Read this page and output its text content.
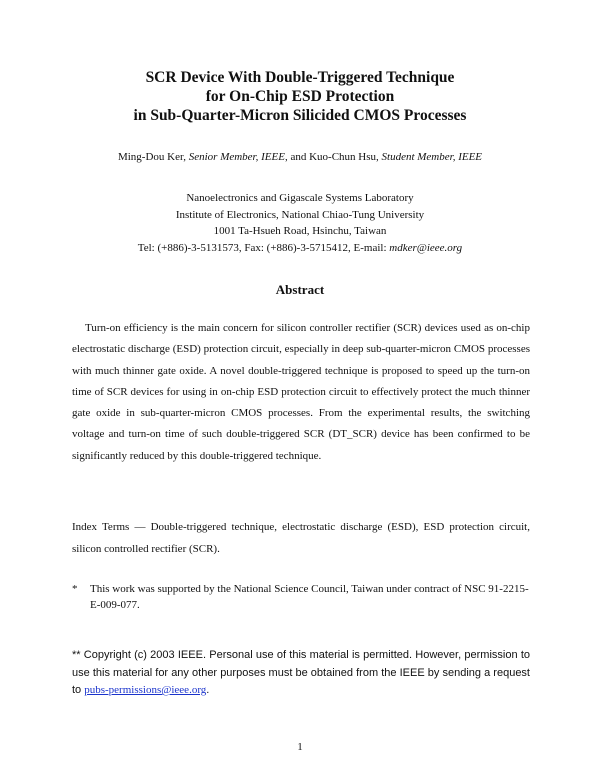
SCR Device With Double-Triggered Technique
for On-Chip ESD Protection
in Sub-Quarter-Micron Silicided CMOS Processes
Ming-Dou Ker, Senior Member, IEEE, and Kuo-Chun Hsu, Student Member, IEEE
Nanoelectronics and Gigascale Systems Laboratory
Institute of Electronics, National Chiao-Tung University
1001 Ta-Hsueh Road, Hsinchu, Taiwan
Tel: (+886)-3-5131573, Fax: (+886)-3-5715412, E-mail: mdker@ieee.org
Abstract

Turn-on efficiency is the main concern for silicon controller rectifier (SCR) devices used as on-chip electrostatic discharge (ESD) protection circuit, especially in deep sub-quarter-micron CMOS processes with much thinner gate oxide. A novel double-triggered technique is proposed to speed up the turn-on time of SCR devices for using in on-chip ESD protection circuit to effectively protect the much thinner gate oxide in sub-quarter-micron CMOS processes. From the experimental results, the switching voltage and turn-on time of such double-triggered SCR (DT_SCR) device has been confirmed to be significantly reduced by this double-triggered technique.

Index Terms — Double-triggered technique, electrostatic discharge (ESD), ESD protection circuit, silicon controlled rectifier (SCR).

* This work was supported by the National Science Council, Taiwan under contract of NSC 91-2215-E-009-077.

** Copyright (c) 2003 IEEE. Personal use of this material is permitted. However, permission to use this material for any other purposes must be obtained from the IEEE by sending a request to pubs-permissions@ieee.org.

1
